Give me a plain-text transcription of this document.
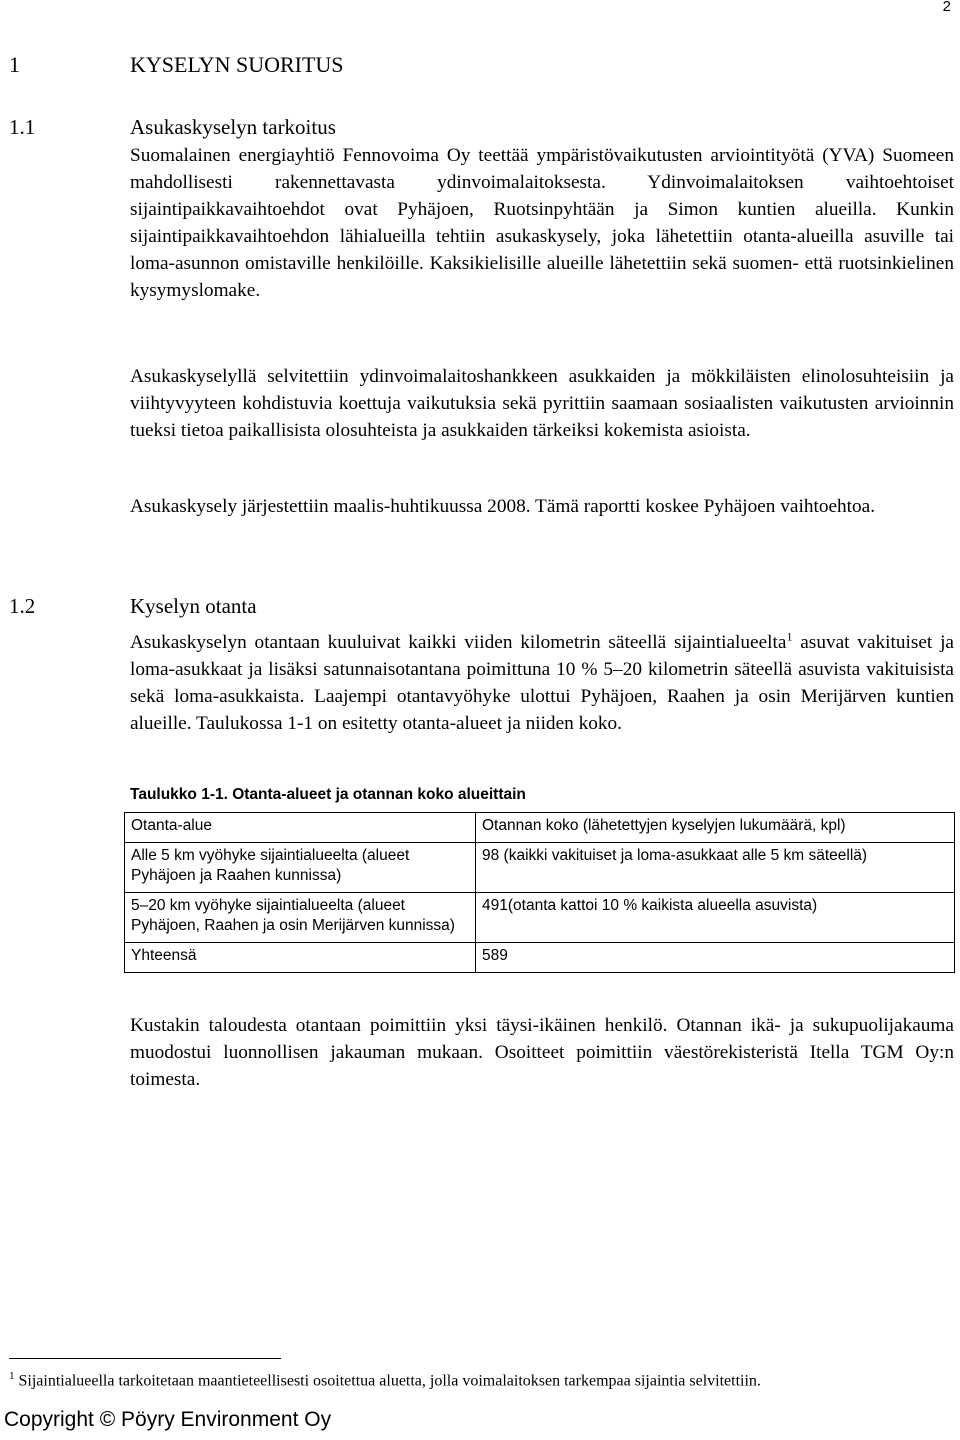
2
1	KYSELYN SUORITUS
1.1	Asukaskyselyn tarkoitus

Suomalainen energiayhtiö Fennovoima Oy teettää ympäristövaikutusten arviointityötä (YVA) Suomeen mahdollisesti rakennettavasta ydinvoimalaitoksesta. Ydinvoimalaitoksen vaihtoehtoiset sijaintipaikkavaihtoehdot ovat Pyhäjoen, Ruotsinpyhtään ja Simon kuntien alueilla. Kunkin sijaintipaikkavaihtoehdon lähialueilla tehtiin asukaskysely, joka lähetettiin otanta-alueilla asuville tai loma-asunnon omistaville henkilöille. Kaksikielisille alueille lähetettiin sekä suomen- että ruotsinkielinen kysymyslomake.

Asukaskyselyllä selvitettiin ydinvoimalaitoshankkeen asukkaiden ja mökkiläisten elinolosuhteisiin ja viihtyvyyteen kohdistuvia koettuja vaikutuksia sekä pyrittiin saamaan sosiaalisten vaikutusten arvioinnin tueksi tietoa paikallisista olosuhteista ja asukkaiden tärkeiksi kokemista asioista.

Asukaskysely järjestettiin maalis-huhtikuussa 2008. Tämä raportti koskee Pyhäjoen vaihtoehtoa.

1.2	Kyselyn otanta

Asukaskyselyn otantaan kuuluivat kaikki viiden kilometrin säteellä sijaintialueelta$^1$ asuvat vakituiset ja loma-asukkaat ja lisäksi satunnaisotantana poimittuna 10 % 5–20 kilometrin säteellä asuvista vakituisista sekä loma-asukkaista. Laajempi otantavyöhyke ulottui Pyhäjoen, Raahen ja osin Merijärven kuntien alueille. Taulukossa 1-1 on esitetty otanta-alueet ja niiden koko.

Taulukko 1-1. Otanta-alueet ja otannan koko alueittain
Otanta-alue	Otannan koko (lähetettyjen kyselyjen lukumäärä, kpl)
Alle 5 km vyöhyke sijaintialueelta (alueet Pyhäjoen ja Raahen kunnissa)	98 (kaikki vakituiset ja loma-asukkaat alle 5 km säteellä)
5–20 km vyöhyke sijaintialueelta (alueet Pyhäjoen, Raahen ja osin Merijärven kunnissa)	491(otanta kattoi 10 % kaikista alueella asuvista)
Yhteensä	589

Kustakin taloudesta otantaan poimittiin yksi täysi-ikäinen henkilö. Otannan ikä- ja sukupuolijakauma muodostui luonnollisen jakauman mukaan. Osoitteet poimittiin väestörekisteristä Itella TGM Oy:n toimesta.

$^1$ Sijaintialueella tarkoitetaan maantieteellisesti osoitettua aluetta, jolla voimalaitoksen tarkempaa sijaintia selvitettiin.
Copyright © Pöyry Environment Oy
